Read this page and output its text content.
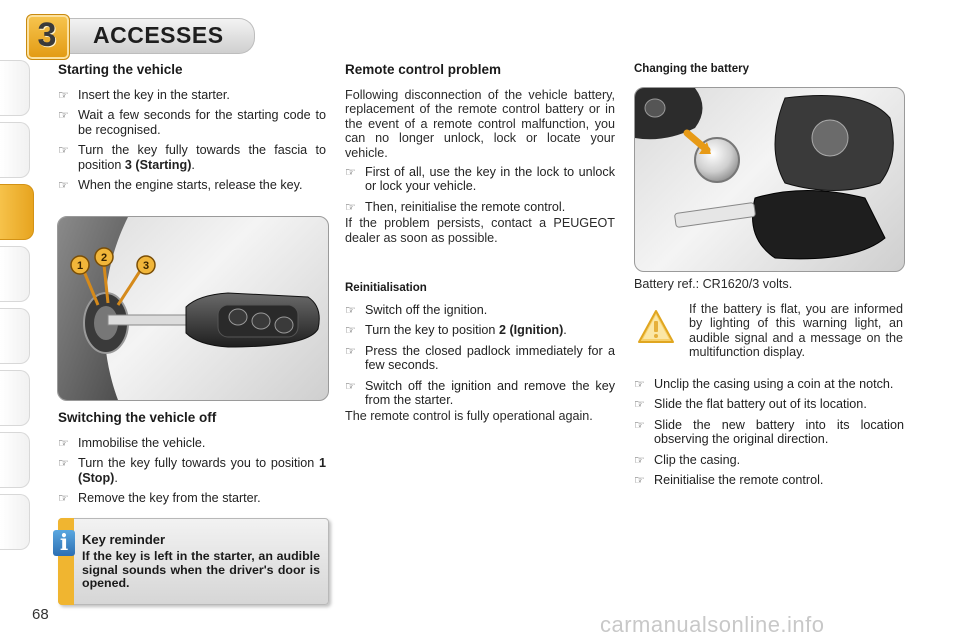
3	ACCESSES
Starting the vehicle
☞ Insert the key in the starter.
☞ Wait a few seconds for the starting code to be recognised.
☞ Turn the key fully towards the fascia to position 3 (Starting).
☞ When the engine starts, release the key.
1
2
3
Switching the vehicle off
☞ Immobilise the vehicle.
☞ Turn the key fully towards you to position 1 (Stop).
☞ Remove the key from the starter.
i	Key reminder
If the key is left in the starter, an audible signal sounds when the driver's door is opened.
Remote control problem
Following disconnection of the vehicle battery, replacement of the remote control battery or in the event of a remote control malfunction, you can no longer unlock, lock or locate your vehicle.
☞ First of all, use the key in the lock to unlock or lock your vehicle.
☞ Then, reinitialise the remote control.
If the problem persists, contact a PEUGEOT dealer as soon as possible.
Reinitialisation
☞ Switch off the ignition.
☞ Turn the key to position 2 (Ignition).
☞ Press the closed padlock immediately for a few seconds.
☞ Switch off the ignition and remove the key from the starter.
The remote control is fully operational again.
Changing the battery
Battery ref.: CR1620/3 volts.
If the battery is flat, you are informed by lighting of this warning light, an audible signal and a message on the multifunction display.
☞ Unclip the casing using a coin at the notch.
☞ Slide the flat battery out of its location.
☞ Slide the new battery into its location observing the original direction.
☞ Clip the casing.
☞ Reinitialise the remote control.
68	carmanualsonline.info
